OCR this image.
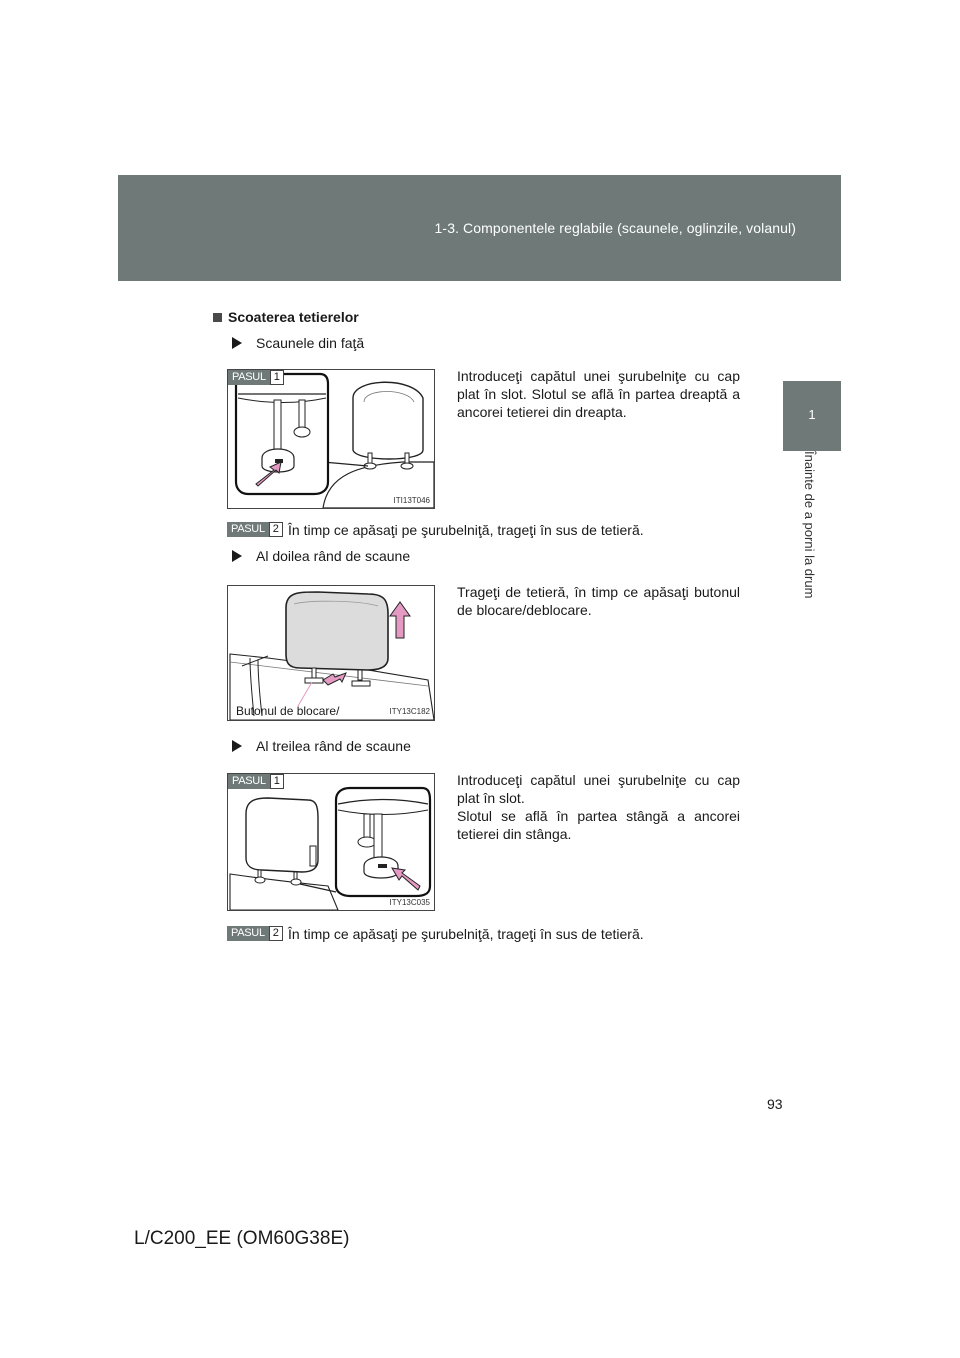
1-3. Componentele reglabile (scaunele, oglinzile, volanul)
1
Înainte de a porni la drum
Scoaterea tetierelor
Scaunele din faţă
PASUL 1
ITI13T046
Introduceţi capătul unei şurubelniţe cu cap plat în slot. Slotul se află în partea dreaptă a ancorei tetierei din dreapta.
PASUL 2 În timp ce apăsaţi pe şurubelniţă, trageţi în sus de tetieră.
Al doilea rând de scaune
Butonul de blocare/	ITY13C182
Trageţi de tetieră, în timp ce apăsaţi butonul de blocare/deblocare.
Al treilea rând de scaune
PASUL 1
ITY13C035
Introduceţi capătul unei şurubelniţe cu cap plat în slot.
Slotul se află în partea stângă a ancorei tetierei din stânga.
PASUL 2 În timp ce apăsaţi pe şurubelniţă, trageţi în sus de tetieră.
93
L/C200_EE (OM60G38E)
